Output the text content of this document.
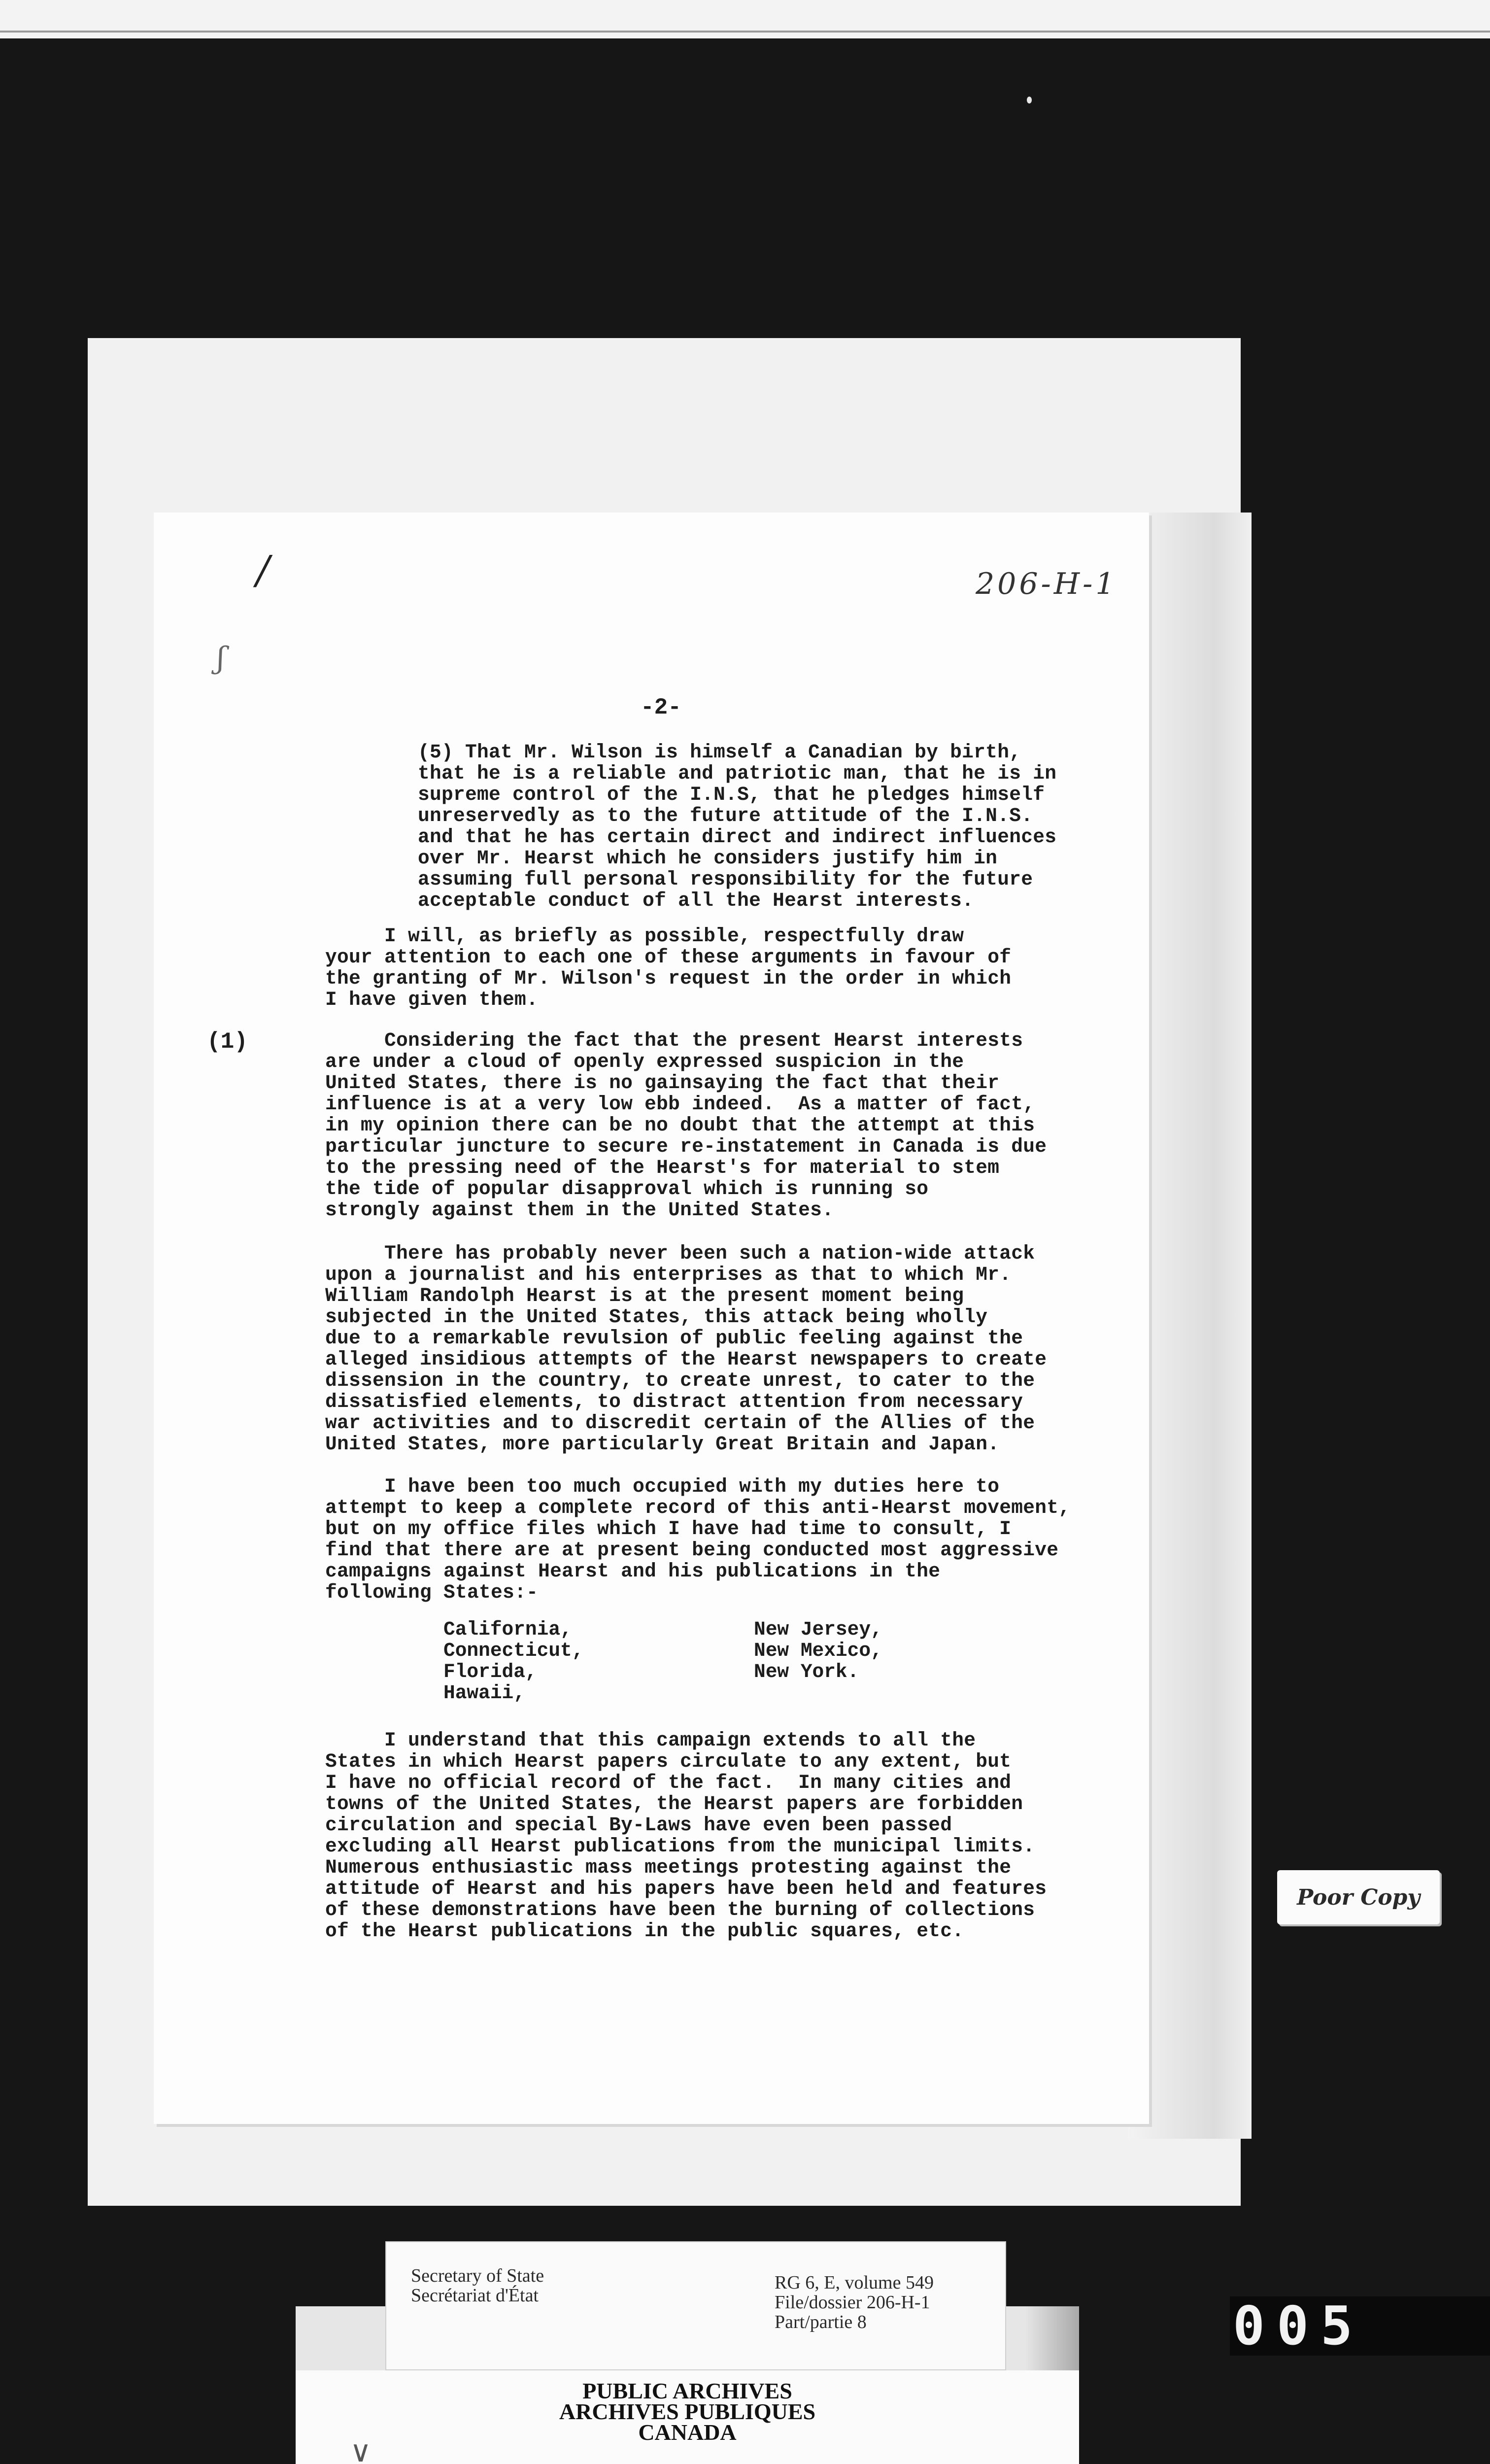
206-H-1
/
ʃ
-2-
(1)
(5) That Mr. Wilson is himself a Canadian by birth,
that he is a reliable and patriotic man, that he is in
supreme control of the I.N.S, that he pledges himself
unreservedly as to the future attitude of the I.N.S.
and that he has certain direct and indirect influences
over Mr. Hearst which he considers justify him in
assuming full personal responsibility for the future
acceptable conduct of all the Hearst interests.
I will, as briefly as possible, respectfully draw
your attention to each one of these arguments in favour of
the granting of Mr. Wilson's request in the order in which
I have given them.
Considering the fact that the present Hearst interests
are under a cloud of openly expressed suspicion in the
United States, there is no gainsaying the fact that their
influence is at a very low ebb indeed.  As a matter of fact,
in my opinion there can be no doubt that the attempt at this
particular juncture to secure re-instatement in Canada is due
to the pressing need of the Hearst's for material to stem
the tide of popular disapproval which is running so
strongly against them in the United States.
There has probably never been such a nation-wide attack
upon a journalist and his enterprises as that to which Mr.
William Randolph Hearst is at the present moment being
subjected in the United States, this attack being wholly
due to a remarkable revulsion of public feeling against the
alleged insidious attempts of the Hearst newspapers to create
dissension in the country, to create unrest, to cater to the
dissatisfied elements, to distract attention from necessary
war activities and to discredit certain of the Allies of the
United States, more particularly Great Britain and Japan.
I have been too much occupied with my duties here to
attempt to keep a complete record of this anti-Hearst movement,
but on my office files which I have had time to consult, I
find that there are at present being conducted most aggressive
campaigns against Hearst and his publications in the
following States:-
California,
Connecticut,
Florida,
Hawaii,
New Jersey,
New Mexico,
New York.
I understand that this campaign extends to all the
States in which Hearst papers circulate to any extent, but
I have no official record of the fact.  In many cities and
towns of the United States, the Hearst papers are forbidden
circulation and special By-Laws have even been passed
excluding all Hearst publications from the municipal limits.
Numerous enthusiastic mass meetings protesting against the
attitude of Hearst and his papers have been held and features
of these demonstrations have been the burning of collections
of the Hearst publications in the public squares, etc.
Poor Copy
PUBLIC ARCHIVES
ARCHIVES PUBLIQUES
CANADA
∨
Secretary of State
Secrétariat d'État
RG 6, E, volume 549
File/dossier 206-H-1
Part/partie 8	005
